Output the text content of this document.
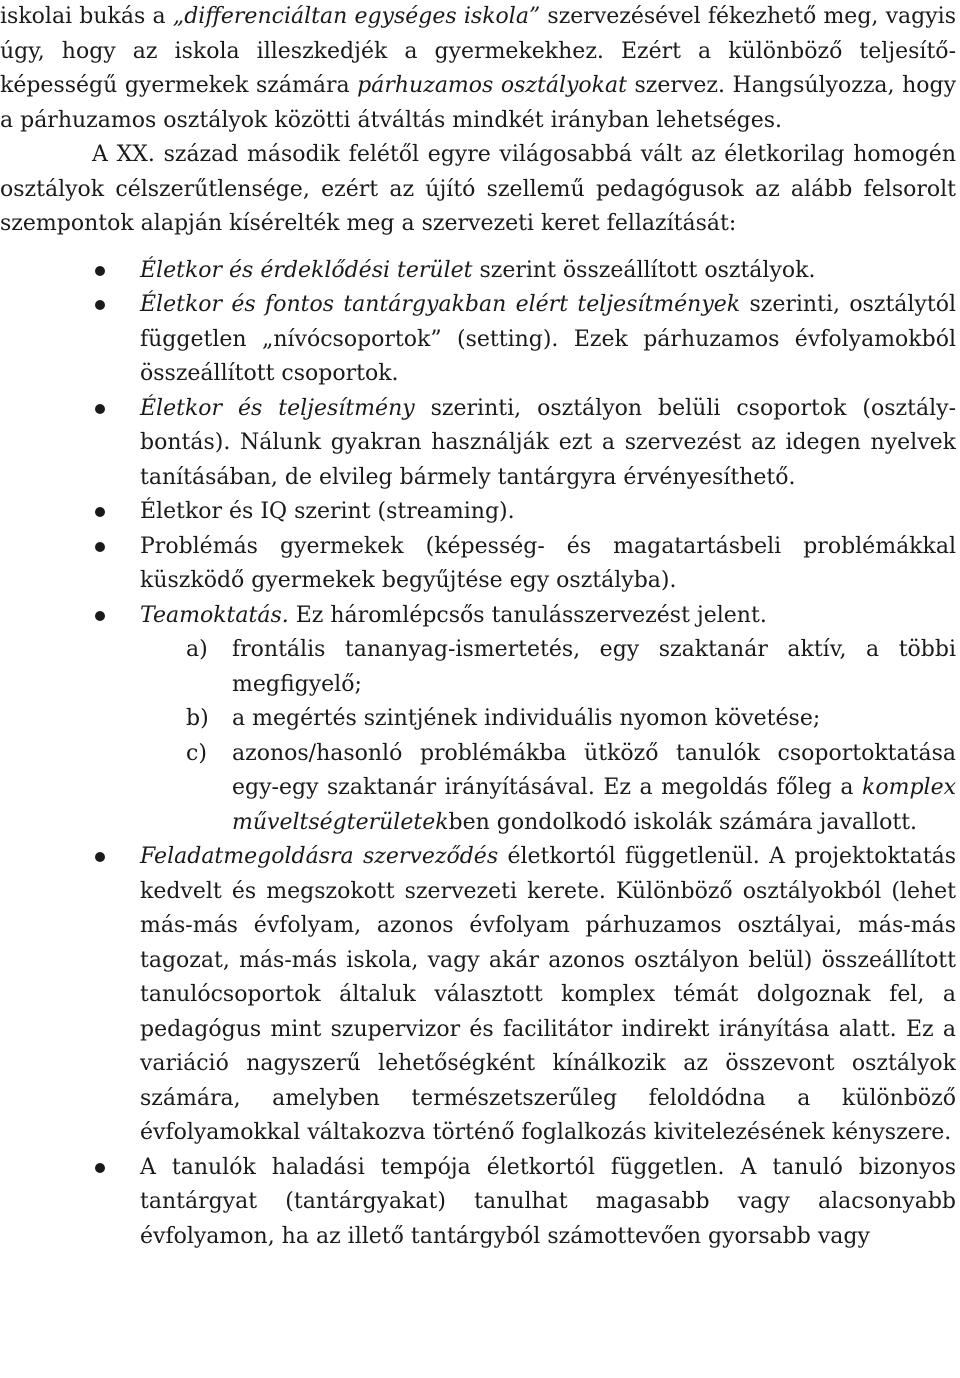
iskolai bukás a „differenciáltan egységes iskola” szervezésével fékezhető meg, vagyis úgy, hogy az iskola illeszkedjék a gyermekekhez. Ezért a különböző teljesítőképességű gyermekek számára párhuzamos osztályokat szervez. Hangsúlyozza, hogy a párhuzamos osztályok közötti átváltás mindkét irányban lehetséges.

A XX. század második felétől egyre világosabbá vált az életkorilag homogén osztályok célszerűtlensége, ezért az újító szellemű pedagógusok az alább felsorolt szempontok alapján kísérelték meg a szervezeti keret fellazítását:

Életkor és érdeklődési terület szerint összeállított osztályok.
Életkor és fontos tantárgyakban elért teljesítmények szerinti, osztálytól független „nívócsoportok” (setting). Ezek párhuzamos évfolyamokból összeállított csoportok.
Életkor és teljesítmény szerinti, osztályon belüli csoportok (osztálybontás). Nálunk gyakran használják ezt a szervezést az idegen nyelvek tanításában, de elvileg bármely tantárgyra érvényesíthető.
Életkor és IQ szerint (streaming).
Problémás gyermekek (képesség- és magatartásbeli problémákkal küszködő gyermekek begyűjtése egy osztályba).
Teamoktatás. Ez háromlépcsős tanulásszervezést jelent.
a) frontális tananyag-ismertetés, egy szaktanár aktív, a többi megfigyelő;
b) a megértés szintjének individuális nyomon követése;
c) azonos/hasonló problémákba ütköző tanulók csoportoktatása egy-egy szaktanár irányításával. Ez a megoldás főleg a komplex műveltségterületekben gondolkodó iskolák számára javallott.
Feladatmegoldásra szerveződés életkortól függetlenül. A projektoktatás kedvelt és megszokott szervezeti kerete. Különböző osztályokból (lehet más-más évfolyam, azonos évfolyam párhuzamos osztályai, más-más tagozat, más-más iskola, vagy akár azonos osztályon belül) összeállított tanulócsoportok általuk választott komplex témát dolgoznak fel, a pedagógus mint szupervizor és facilitátor indirekt irányítása alatt. Ez a variáció nagyszerű lehetőségként kínálkozik az összevont osztályok számára, amelyben természetszerűleg feloldódna a különböző évfolyamokkal váltakozva történő foglalkozás kivitelezésének kényszere.
A tanulók haladási tempója életkortól független. A tanuló bizonyos tantárgyat (tantárgyakat) tanulhat magasabb vagy alacsonyabb évfolyamon, ha az illető tantárgyból számottevően gyorsabb vagy
